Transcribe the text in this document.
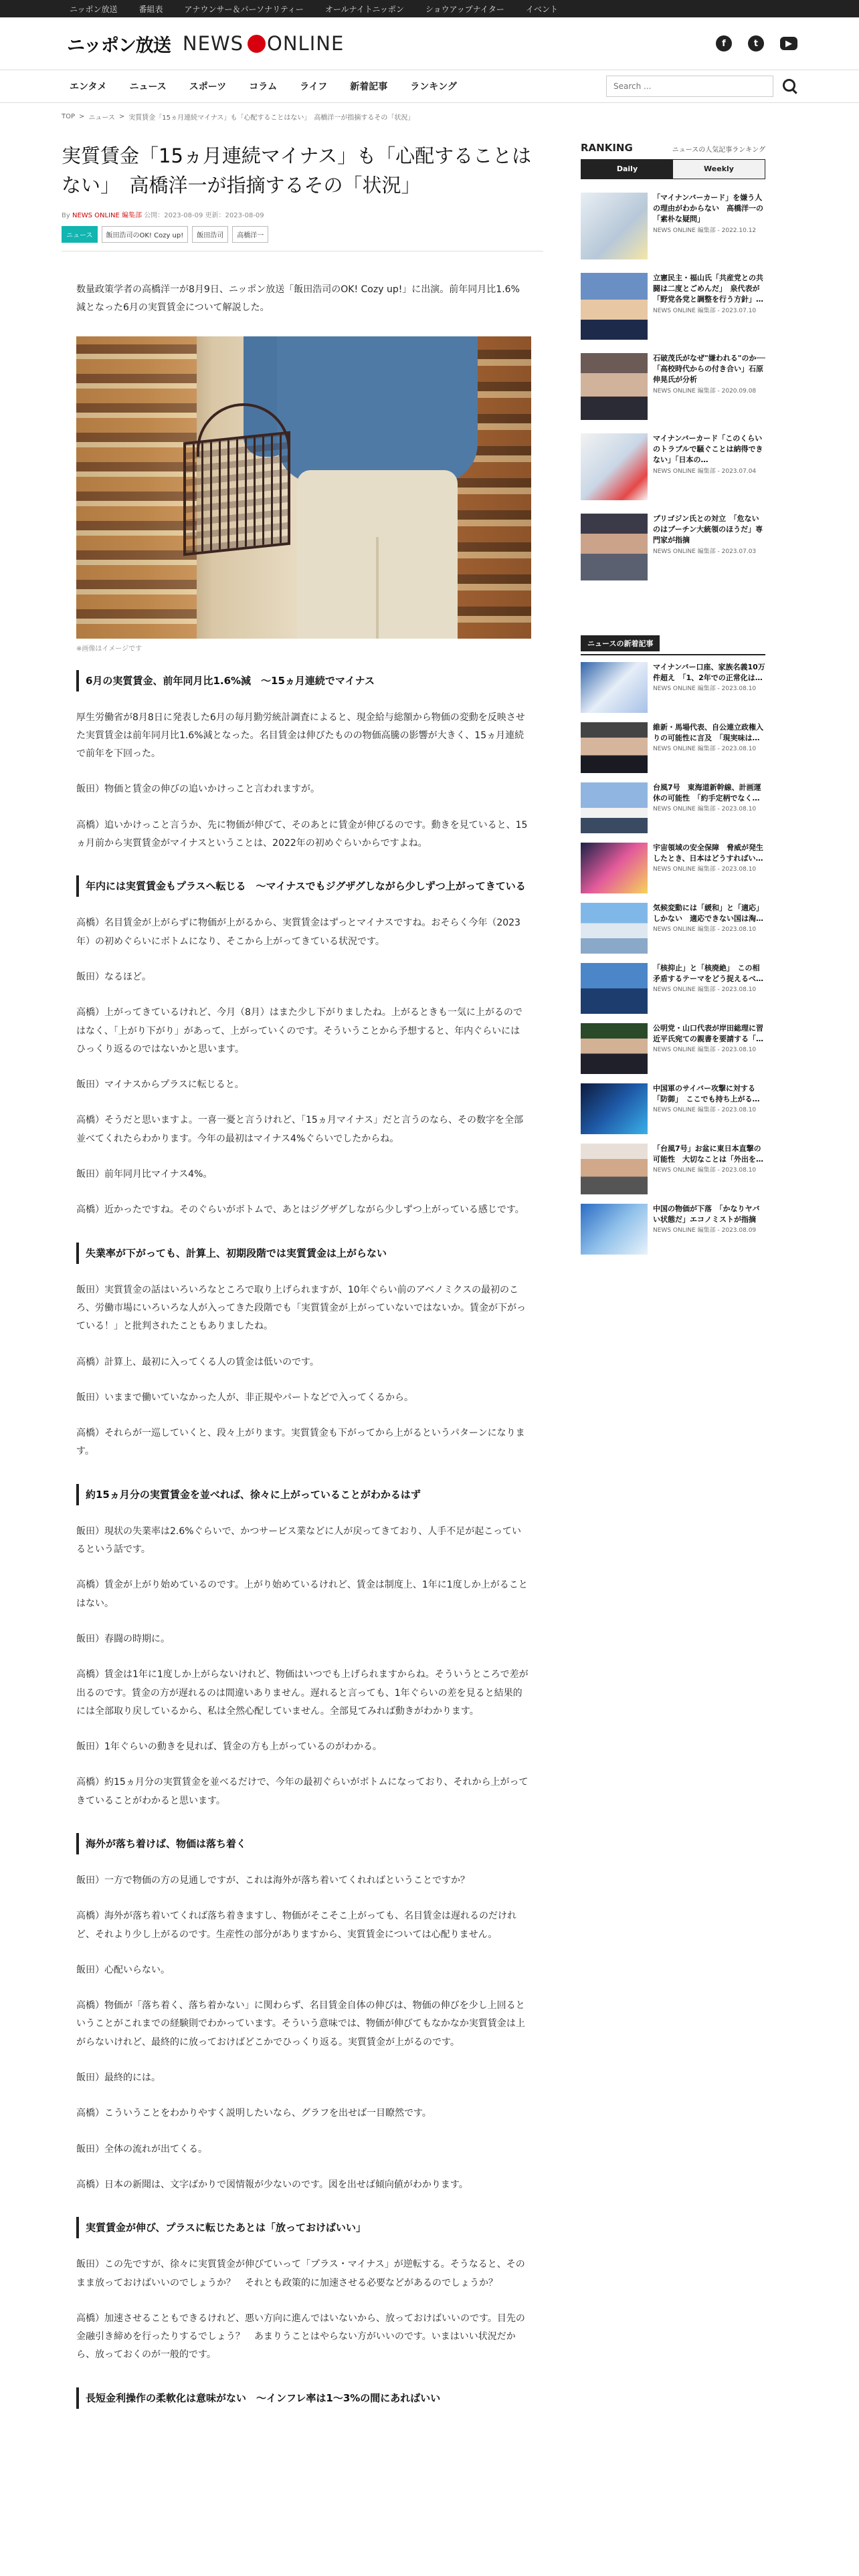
ニッポン放送	番組表	アナウンサー＆パーソナリティー	オールナイトニッポン	ショウアップナイター	イベント
ニッポン放送 NEWS ONLINE	f	t	▶
エンタメ ニュース スポーツ コラム ライフ 新着記事 ランキング
Search ...
TOP > ニュース > 実質賃金「15ヵ月連続マイナス」も「心配することはない」　高橋洋一が指摘するその「状況」
実質賃金「15ヵ月連続マイナス」も「心配することはない」　高橋洋一が指摘するその「状況」
By NEWS ONLINE 編集部 公開：2023-08-09 更新：2023-08-09
ニュース	飯田浩司のOK! Cozy up!	飯田浩司	高橋洋一

数量政策学者の高橋洋一が8月9日、ニッポン放送「飯田浩司のOK! Cozy up!」に出演。前年同月比1.6%減となった6月の実質賃金について解説した。

※画像はイメージです
6月の実質賃金、前年同月比1.6%減　～15ヵ月連続でマイナス

厚生労働省が8月8日に発表した6月の毎月勤労統計調査によると、現金給与総額から物価の変動を反映させた実質賃金は前年同月比1.6%減となった。名目賃金は伸びたものの物価高騰の影響が大きく、15ヵ月連続で前年を下回った。

飯田）物価と賃金の伸びの追いかけっこと言われますが。

高橋）追いかけっこと言うか、先に物価が伸びて、そのあとに賃金が伸びるのです。動きを見ていると、15ヵ月前から実質賃金がマイナスということは、2022年の初めぐらいからですよね。

年内には実質賃金もプラスへ転じる　～マイナスでもジグザグしながら少しずつ上がってきている

高橋）名目賃金が上がらずに物価が上がるから、実質賃金はずっとマイナスですね。おそらく今年（2023年）の初めぐらいにボトムになり、そこから上がってきている状況です。

飯田）なるほど。

高橋）上がってきているけれど、今月（8月）はまた少し下がりましたね。上がるときも一気に上がるのではなく、「上がり下がり」があって、上がっていくのです。そういうことから予想すると、年内ぐらいにはひっくり返るのではないかと思います。

飯田）マイナスからプラスに転じると。

高橋）そうだと思いますよ。一喜一憂と言うけれど、「15ヵ月マイナス」だと言うのなら、その数字を全部並べてくれたらわかります。今年の最初はマイナス4%ぐらいでしたからね。

飯田）前年同月比マイナス4%。

高橋）近かったですね。そのぐらいがボトムで、あとはジグザグしながら少しずつ上がっている感じです。

失業率が下がっても、計算上、初期段階では実質賃金は上がらない

飯田）実質賃金の話はいろいろなところで取り上げられますが、10年ぐらい前のアベノミクスの最初のころ、労働市場にいろいろな人が入ってきた段階でも「実質賃金が上がっていないではないか。賃金が下がっている！」と批判されたこともありましたね。

高橋）計算上、最初に入ってくる人の賃金は低いのです。

飯田）いままで働いていなかった人が、非正規やパートなどで入ってくるから。

高橋）それらが一巡していくと、段々上がります。実質賃金も下がってから上がるというパターンになります。

約15ヵ月分の実質賃金を並べれば、徐々に上がっていることがわかるはず

飯田）現状の失業率は2.6%ぐらいで、かつサービス業などに人が戻ってきており、人手不足が起こっているという話です。

高橋）賃金が上がり始めているのです。上がり始めているけれど、賃金は制度上、1年に1度しか上がることはない。

飯田）春闘の時期に。

高橋）賃金は1年に1度しか上がらないけれど、物価はいつでも上げられますからね。そういうところで差が出るのです。賃金の方が遅れるのは間違いありません。遅れると言っても、1年ぐらいの差を見ると結果的には全部取り戻しているから、私は全然心配していません。全部見てみれば動きがわかります。

飯田）1年ぐらいの動きを見れば、賃金の方も上がっているのがわかる。

高橋）約15ヵ月分の実質賃金を並べるだけで、今年の最初ぐらいがボトムになっており、それから上がってきていることがわかると思います。

海外が落ち着けば、物価は落ち着く

飯田）一方で物価の方の見通しですが、これは海外が落ち着いてくれればということですか？

高橋）海外が落ち着いてくれば落ち着きますし、物価がそこそこ上がっても、名目賃金は遅れるのだけれど、それより少し上がるのです。生産性の部分がありますから、実質賃金については心配りません。

飯田）心配いらない。

高橋）物価が「落ち着く、落ち着かない」に関わらず、名目賃金自体の伸びは、物価の伸びを少し上回るということがこれまでの経験則でわかっています。そういう意味では、物価が伸びてもなかなか実質賃金は上がらないけれど、最終的に放っておけばどこかでひっくり返る。実質賃金が上がるのです。

飯田）最終的には。

高橋）こういうことをわかりやすく説明したいなら、グラフを出せば一目瞭然です。

飯田）全体の流れが出てくる。

高橋）日本の新聞は、文字ばかりで図情報が少ないのです。図を出せば傾向値がわかります。

実質賃金が伸び、プラスに転じたあとは「放っておけばいい」

飯田）この先ですが、徐々に実質賃金が伸びていって「プラス・マイナス」が逆転する。そうなると、そのまま放っておけばいいのでしょうか？　それとも政策的に加速させる必要などがあるのでしょうか？

高橋）加速させることもできるけれど、悪い方向に進んではいないから、放っておけばいいのです。目先の金融引き締めを行ったりするでしょう？　あまりうことはやらない方がいいのです。いまはいい状況だから、放っておくのが一般的です。

長短金利操作の柔軟化は意味がない　～インフレ率は1～3%の間にあればいい
RANKING	ニュースの人気記事ランキング
Daily	Weekly
「マイナンバーカード」を嫌う人の理由がわからない　高橋洋一の「素朴な疑問」
NEWS ONLINE 編集部 - 2022.10.12
立憲民主・福山氏「共産党との共闘は二度とごめんだ」　泉代表が「野党各党と調整を行う方針」…
NEWS ONLINE 編集部 - 2023.07.10
石破茂氏がなぜ"嫌われる"のか──「高校時代からの付き合い」石原伸晃氏が分析
NEWS ONLINE 編集部 - 2020.09.08
マイナンバーカード「このくらいのトラブルで騒ぐことは納得できない」「日本の…
NEWS ONLINE 編集部 - 2023.07.04
プリゴジン氏との対立　「危ないのはプーチン大統領のほうだ」専門家が指摘
NEWS ONLINE 編集部 - 2023.07.03
ニュースの新着記事
マイナンバー口座、家族名義10万件超え　「1、2年での正常化は…
NEWS ONLINE 編集部 - 2023.08.10
維新・馬場代表、自公連立政権入りの可能性に言及　「現実味は…
NEWS ONLINE 編集部 - 2023.08.10
台風7号　東海道新幹線、計画運休の可能性　「約手定柄でなく…
NEWS ONLINE 編集部 - 2023.08.10
宇宙領域の安全保障　脅威が発生したとき、日本はどうすればい…
NEWS ONLINE 編集部 - 2023.08.10
気候変動には「緩和」と「適応」しかない　適応できない国は淘…
NEWS ONLINE 編集部 - 2023.08.10
「核抑止」と「核廃絶」　この相矛盾するテーマをどう捉えるべ…
NEWS ONLINE 編集部 - 2023.08.10
公明党・山口代表が岸田総理に習近平氏宛ての親書を要請する「…
NEWS ONLINE 編集部 - 2023.08.10
中国軍のサイバー攻撃に対する「防御」　ここでも持ち上がる…
NEWS ONLINE 編集部 - 2023.08.10
「台風7号」お盆に東日本直撃の可能性　大切なことは「外出を…
NEWS ONLINE 編集部 - 2023.08.10
中国の物価が下落　「かなりヤバい状態だ」エコノミストが指摘
NEWS ONLINE 編集部 - 2023.08.09
